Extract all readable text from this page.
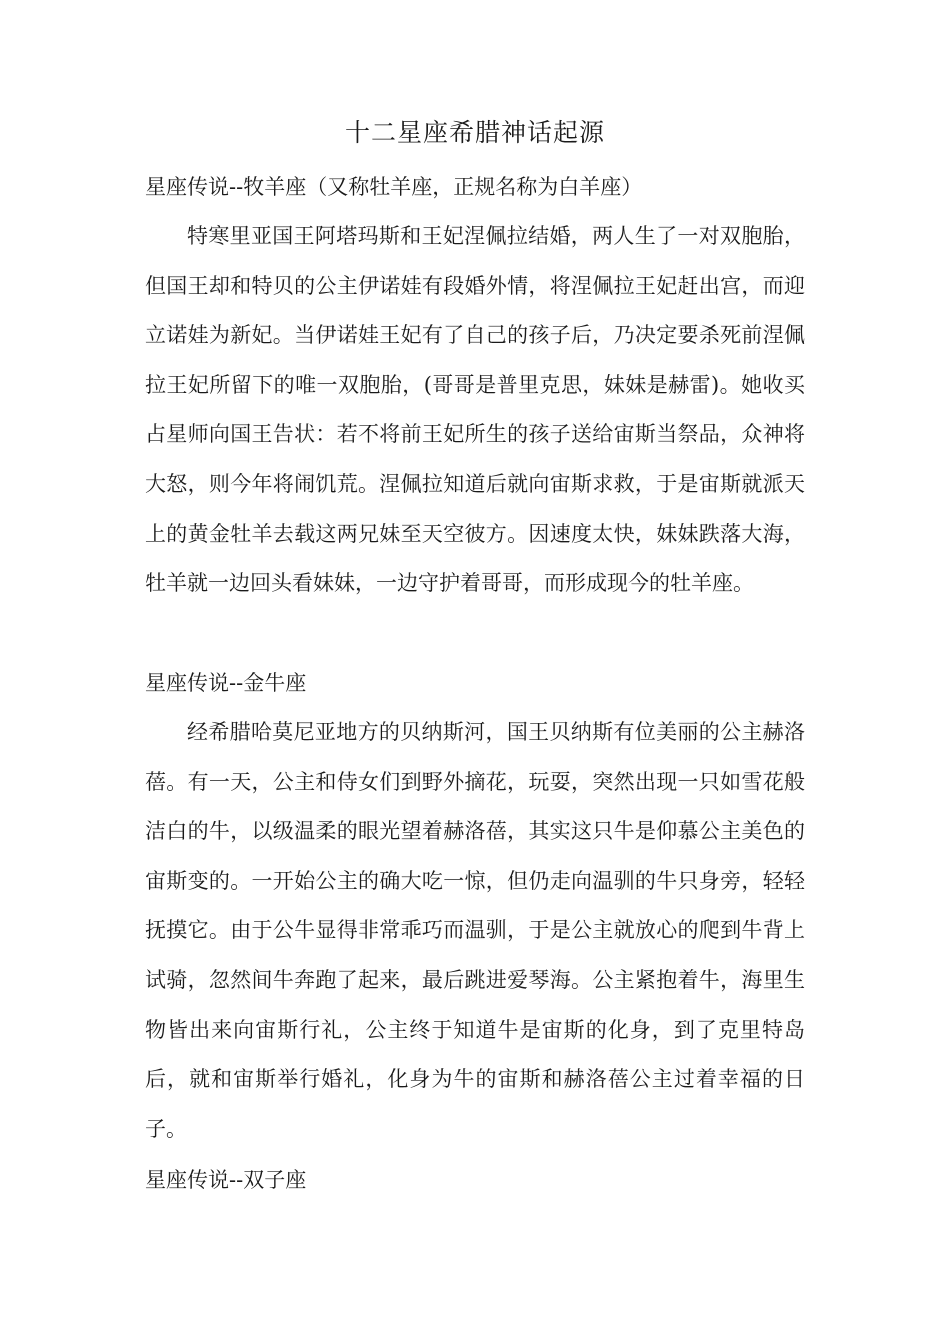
十二星座希腊神话起源
星座传说--牧羊座（又称牡羊座，正规名称为白羊座）

特寒里亚国王阿塔玛斯和王妃涅佩拉结婚，两人生了一对双胞胎，但国王却和特贝的公主伊诺娃有段婚外情，将涅佩拉王妃赶出宫，而迎立诺娃为新妃。当伊诺娃王妃有了自己的孩子后，乃决定要杀死前涅佩拉王妃所留下的唯一双胞胎，(哥哥是普里克思，妹妹是赫雷)。她收买占星师向国王告状：若不将前王妃所生的孩子送给宙斯当祭品，众神将大怒，则今年将闹饥荒。涅佩拉知道后就向宙斯求救，于是宙斯就派天上的黄金牡羊去载这两兄妹至天空彼方。因速度太快，妹妹跌落大海，牡羊就一边回头看妹妹，一边守护着哥哥，而形成现今的牡羊座。

星座传说--金牛座

经希腊哈莫尼亚地方的贝纳斯河，国王贝纳斯有位美丽的公主赫洛蓓。有一天，公主和侍女们到野外摘花，玩耍，突然出现一只如雪花般洁白的牛，以级温柔的眼光望着赫洛蓓，其实这只牛是仰慕公主美色的宙斯变的。一开始公主的确大吃一惊，但仍走向温驯的牛只身旁，轻轻抚摸它。由于公牛显得非常乖巧而温驯，于是公主就放心的爬到牛背上试骑，忽然间牛奔跑了起来，最后跳进爱琴海。公主紧抱着牛，海里生物皆出来向宙斯行礼，公主终于知道牛是宙斯的化身，到了克里特岛后，就和宙斯举行婚礼，化身为牛的宙斯和赫洛蓓公主过着幸福的日子。

星座传说--双子座
